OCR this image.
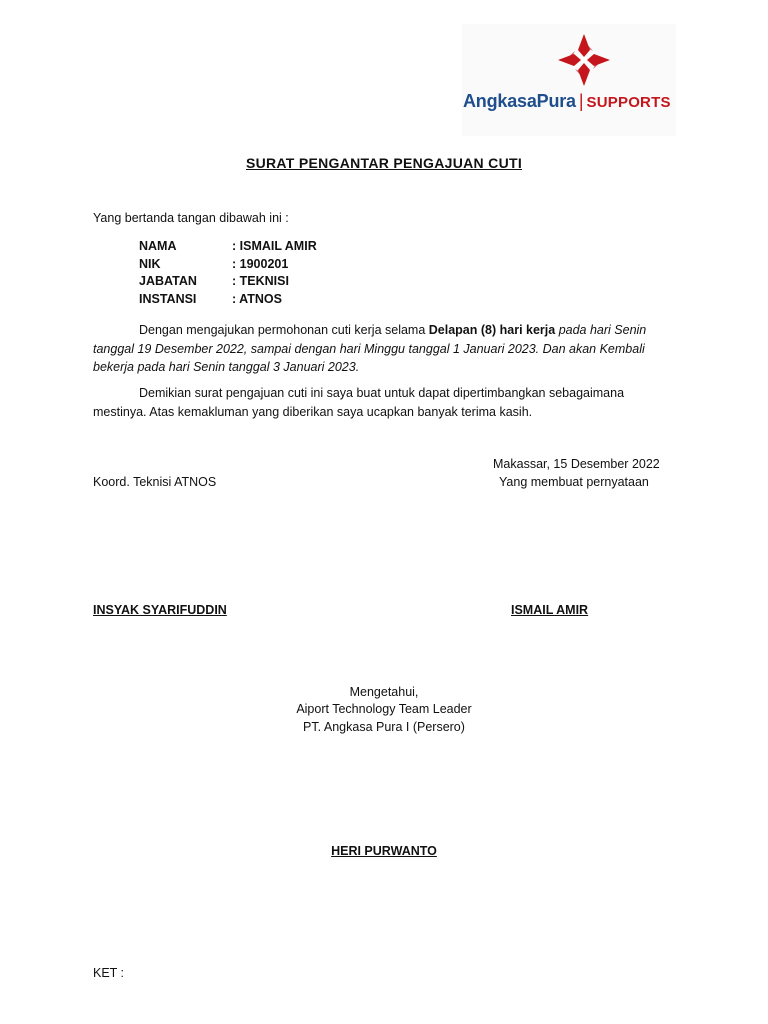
AngkasaPura | SUPPORTS
SURAT PENGANTAR PENGAJUAN CUTI
Yang bertanda tangan dibawah ini :
NAMA	: ISMAIL AMIR
NIK	: 1900201
JABATAN	: TEKNISI
INSTANSI	: ATNOS
Dengan mengajukan permohonan cuti kerja selama Delapan (8) hari kerja pada hari Senin tanggal 19 Desember 2022, sampai dengan hari Minggu tanggal 1 Januari 2023. Dan akan Kembali bekerja pada hari Senin tanggal 3 Januari 2023.
Demikian surat pengajuan cuti ini saya buat untuk dapat dipertimbangkan sebagaimana mestinya. Atas kemakluman yang diberikan saya ucapkan banyak terima kasih.
Makassar, 15 Desember 2022
Koord. Teknisi ATNOS	Yang membuat pernyataan
INSYAK SYARIFUDDIN	ISMAIL AMIR
Mengetahui,
Aiport Technology Team Leader
PT. Angkasa Pura I (Persero)
HERI PURWANTO
KET :
